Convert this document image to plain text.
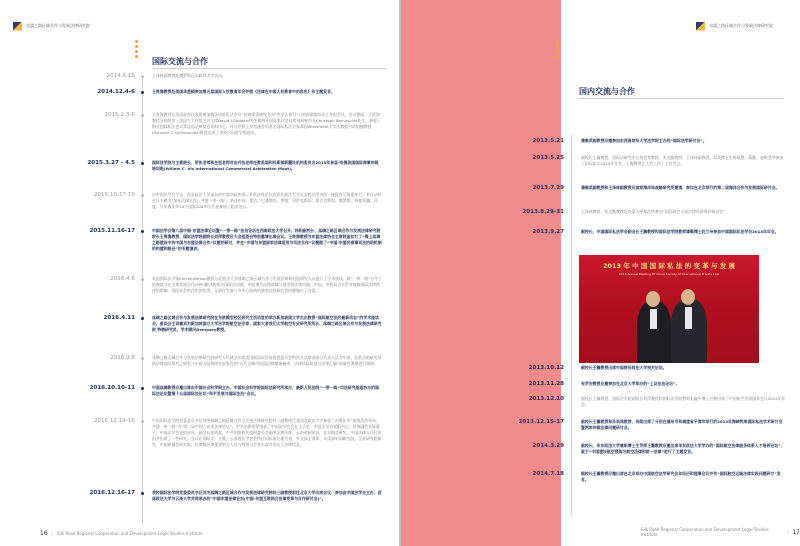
东盟之路区域合作与发展法律研究院
国际交流与合作
2014.6.15	王泽林副教授赴俄罗斯远东联邦大学访问。
2014.12.4-6	王贵海教授赴美国华盛顿参加第五届国际人权教育年会并做《法律在中国人权教育中的角色》作主题发言。
2015.2.3-6	王贵海教授赴美国政府代表团参加海牙国际私法会议“民商事管辖权方向”决定认执行”公约预期第四次工作组会议。会议期间，王贵海教授分别拜会了美国大工作组会议主席David J.Goddard先生和海牙国际私法会议常设局秘书长Christoph Bernasconi先生，参观了海牙国际私法会议常设局法律信息资料中心，并与世界上享有盛誉的著名国际私法学家郑国Willemette大学法教授丹诺伯德教授(Symeon C.Symeonides)教授达成了来校访问讲学的意向。
2015.3.27 - 4.5	国际法学院与主教院长、所张老师和任恒老师对由丹怡老师任教美国和科斯部新疆设机构委员会2015年首届-哈佛美国国际商事仲裁培训班(Willem C. Vis International Commercial Arbitration Moot)。
2015.10.17-19	由中国法学会主办、西北政法大学承办的中第四届中国—亚欧法律论坛在西北政法大学长安校区图书馆一楼报告厅隆重举行。来自法标会议主题为“深化法律合作，共建一带一路”，来自中国、蒙古、巴基斯坦、伊朗、哈萨克斯坦、塔吉克斯坦、俄罗斯、阿塞拜疆、印度、马来西亚等14个国家200多位代表参加了此次论坛。
2015.11.16-17	中国法学会第八届中国-东盟法律论坛暨“一带一路”法治论坛在西南政法大学召开。杨积副校长、丝绸之路区域合作与发展法律研究院院长王贵海教授、国际法学院副院长刘萍教授应大会组委会特别邀请出席会议。王贵海教授与东盟法律协会主席阿奎拉打了“海上丝绸之路建设中的中国与东盟法律合作”议题的研讨，并在“中国与东盟国家法律适用与司法合作”议题做了“中国-东盟民商事司法协助机制的构建和路径”的专题演讲。
2016.4.6	英国国际法学家Kim Mullerson教授与北欧法大学丝绸之路区域合作与发展法律研究院研究人员进行了学术座谈。就“一带一路”合作下的海湾与在全球发展合作(PPP)模式的相关国际法问题，中欧那合法律视域与城市的法律问题、中国、中西双边关系对丝路国际法律秩序的影响、国际社会的在化的化等、无错化发展与多中心结构的演变比较研究等问题做出了交流。
2016.4.11	丝绸之路区域合作与发展法律研究院在东欧模型校区研究生活动堂的举办新加坡国立学杰出教授“国际航空法的最新动态”的学术座谈会。座谈会主讲嘉宾为新加坡国立大学法学院航空法专家、国家大者我们大学航空专业研究所所长、丝绸之路区域合作与发展法律研究院 特聘研究员、学术顾问Dempsey教授。
2016.9.8	丝绸之路区域合作与发展法律研究院研究人员就法东欧美国圆国际贸易促进委员会所西方法律部部分负责人以为中国、北欧法的研究丝路法律国际现代之研究与中国大陆现研究国家在的“古代去制市国国法律服务指南、法律风险防范与法律汇编”的研究课题进行调研。
2016.10.10-11	中国丝绸教授应邀出席由中国社会科学院主办、中国社会科学院国际法研究所承办，最新人民法院“一带一路”司法研究基地协办的国际法论坛暨第十五届国际法论坛“和平发展与国际法治”会议。
2016.12.14-16	中国国际法学院党委委员书记刘冬丝绸之路区域合作与发展法律研究院经三副教授代表西北政法大学参加了由重庆市“加强法治导向、共建一带一路”为“第二届中国一东亚法律论坛”。中共法律领导组委了中国法学会会长王乐泉、中国法学会党组书记、常务副会长陈冀平、中国法学会党组成员、副会长张鸣起、中共国家机关组织委员会副书记曾庆辉、云南省副省长、北京路总研究、多国法律人员代表们并出席了一些研究。会议在国际学、主题、云南省法学会会所还国际家处地代表、外交部主领事、实质部中国研究院、江苏研究院研究、中国新疆会研究院、台湾地区等重要相关人员与特别与会者出席并发布了法律信息。
2016.12.16-17	我校国际法学院党委委员书记刘冬丝绸之路区域合作与发展法律研究院经三副教授前往北京大学出席会议、参加由中国法学会主办，西南政法大学与云南大学共同承办的“中国东盟法律论坛(中国-东盟互联网合法律变革与合作研讨会)”。
16 / Silk Road Regional Cooperation and Development Legal Studies Institute
东盟之路区域合作与发展法律研究院
国内交流与合作
2013.5.21	潘维武副教授应邀参加由西南财经大学法学院主办的“国际法学研讨会”。
2013.5.25	副校长王瀚教授、国际法研究中心协会秀教授、张光勤教授、王泽林副教授，以及博士生陈福慧、蒋勤、赵殿芝等参加了国际私法2013年年会，王瀚教授在大会上作了主旨发言。
2013.7.29	潘维武副教授和王泽林副教授应国家海洋局战略研究所邀请，参加在北京举行的第二届海洋合作与发展国际研讨会。
2013.8.29-31	王泽林教授、张光勤教授赴内蒙古呼和浩特参加“国际航空人权法律资源保护研讨会”
2013.9.27	副校长、中国国际私法学会副会长王瀚教授和国际法学院教师谭璐博士赴兰州参加中国国际私法学会2013年年会。
2013.10.12	副校长王瀚教授出席中国财经政法大学相关论坛。
2013.11.28	张学安教授应邀参加在北京大学举办的“上证法治论坛”。
2013.12.10	副校长王瀚教授、国际法学院副院长刘萍教授和国际法学院教师张鑫平博士应邀出席了中国航空法律服务会议2013年年会。
2013.12.15-17	副校长王瀚教授和孙尚鸿教授、尚勋出席了分别在福州市和福建省平潭市举行的2013年海峡两岸国际私法学术研讨会暨两岸仲裁法律问题研讨会。
2014.3.29	副校长、华东政法大学兼职博士生导师王瀚教授应邀出席华东政法大学学办的“国际航空法律服务体系人才培养论坛”，就于“中国建设航空强国与航空法律和统一法律”进行了主题发言。
2014.7.18	副校长王瀚教授应邀出席在北京举办中国航空法学研究会年经历和理事会议并作“国际航空运输法律实践问题研讨”发言。
2013 年 中 国 国 际 私 法 的 变 革 与 发 展
2013 Annual Meeting Of China Society of International Private Law
Silk Road Regional Cooperation and Development Legal Studies Institute	/ 17
